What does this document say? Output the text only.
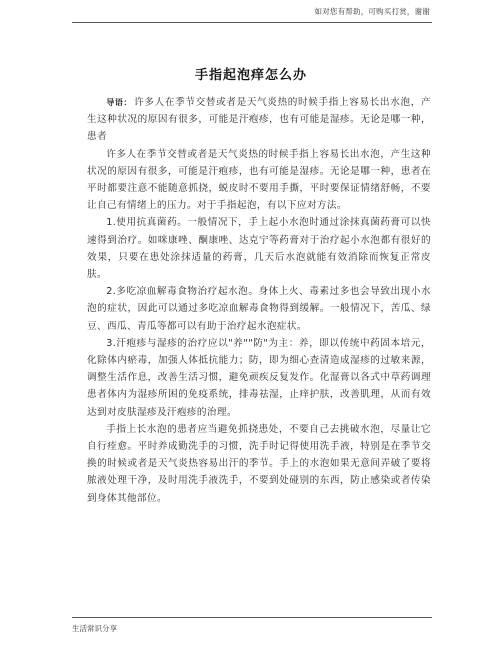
如对您有帮助，可购买打赏，谢谢
手指起泡痒怎么办

导语： 许多人在季节交替或者是天气炎热的时候手指上容易长出水泡，产生这种状况的原因有很多，可能是汗疱疹，也有可能是湿疹。无论是哪一种，患者

许多人在季节交替或者是天气炎热的时候手指上容易长出水泡，产生这种状况的原因有很多，可能是汗疱疹，也有可能是湿疹。无论是哪一种，患者在平时都要注意不能随意抓挠，蜕皮时不要用手撕，平时要保证情绪舒畅，不要让自己有情绪上的压力。对于手指起泡，有以下应对方法。

1.使用抗真菌药。一般情况下，手上起小水泡时通过涂抹真菌药膏可以快速得到治疗。如咪康唑、酮康唑、达克宁等药膏对于治疗起小水泡都有很好的效果，只要在患处涂抹适量的药膏，几天后水泡就能有效消除而恢复正常皮肤。

2.多吃凉血解毒食物治疗起水泡。身体上火、毒素过多也会导致出现小水泡的症状，因此可以通过多吃凉血解毒食物得到缓解。一般情况下，苦瓜、绿豆、西瓜、青瓜等都可以有助于治疗起水泡症状。

3.汗疱疹与湿疹的治疗应以"养""防"为主：养，即以传统中药固本培元，化除体内瘀毒，加强人体抵抗能力；防，即为细心查清造成湿疹的过敏来源，调整生活作息，改善生活习惯，避免顽疾反复发作。化湿膏以各式中草药调理患者体内为湿疹所困的免疫系统，排毒祛湿，止痒护肤，改善肌理，从而有效达到对皮肤湿疹及汗疱疹的治理。

手指上长水泡的患者应当避免抓挠患处，不要自己去挑破水泡，尽量让它自行痊愈。平时养成勤洗手的习惯，洗手时记得使用洗手液，特别是在季节交换的时候或者是天气炎热容易出汗的季节。手上的水泡如果无意间弄破了要将脓液处理干净，及时用洗手液洗手，不要到处碰别的东西，防止感染或者传染到身体其他部位。

生活常识分享
